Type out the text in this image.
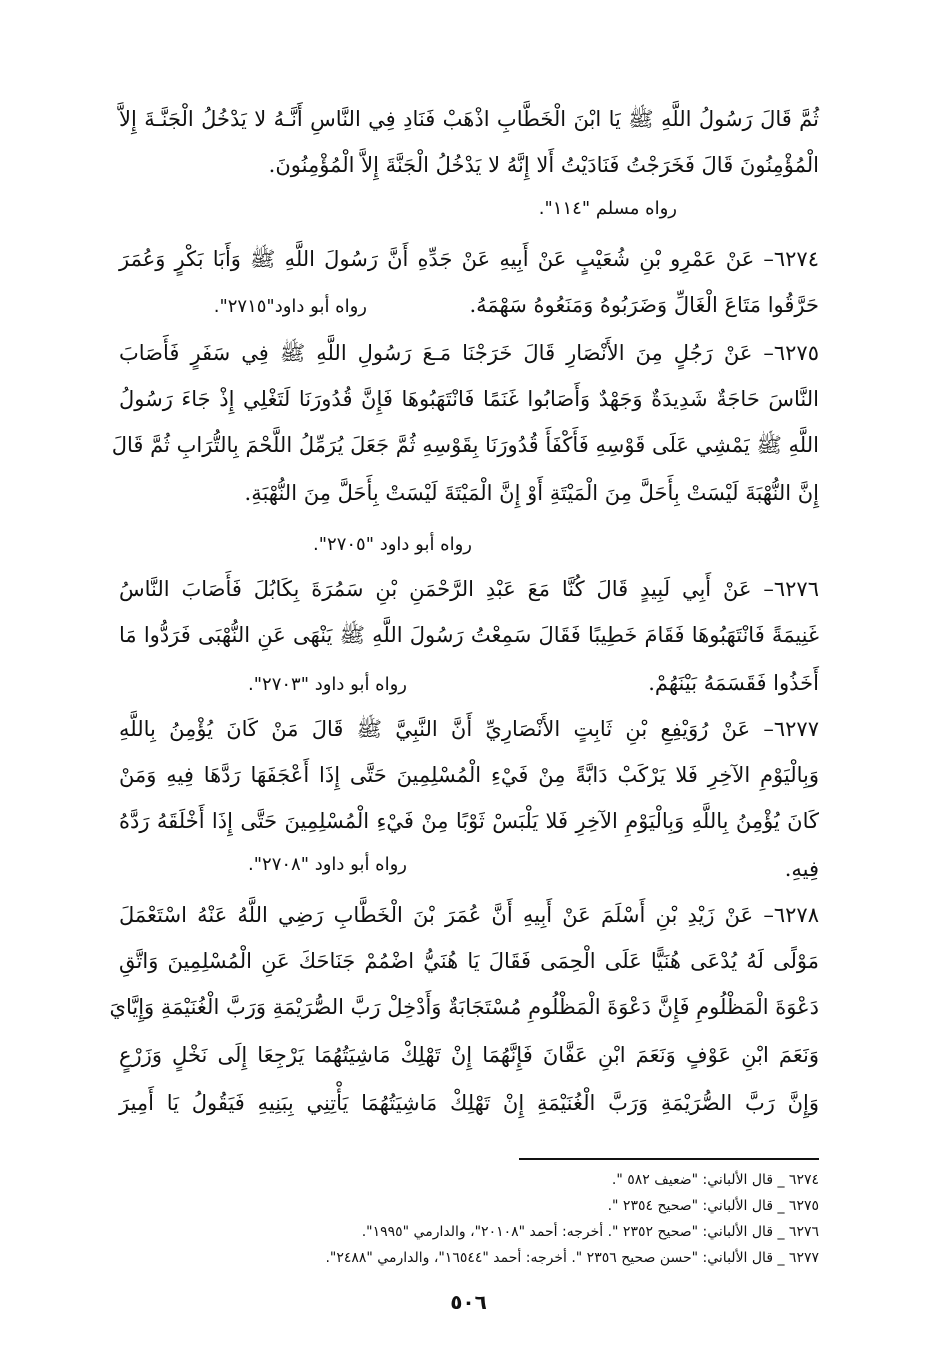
ثُمَّ قَالَ رَسُولُ اللَّهِ ﷺ يَا ابْنَ الْخَطَّابِ اذْهَبْ فَنَادِ فِي النَّاسِ أَنَّـهُ لا يَدْخُلُ الْجَنَّـةَ إِلاَّ
الْمُؤْمِنُونَ قَالَ فَخَرَجْتُ فَنَادَيْتُ أَلا إِنَّهُ لا يَدْخُلُ الْجَنَّةَ إِلاَّ الْمُؤْمِنُونَ.
رواه مسلم "١١٤".
٦٢٧٤– عَنْ عَمْرِو بْنِ شُعَيْبٍ عَنْ أَبِيهِ عَنْ جَدِّهِ أَنَّ رَسُولَ اللَّهِ ﷺ وَأَبَا بَكْرٍ وَعُمَرَ
حَرَّقُوا مَتَاعَ الْغَالِّ وَضَرَبُوهُ وَمَنَعُوهُ سَهْمَهُ.
رواه أبو داود"٢٧١٥".
٦٢٧٥– عَنْ رَجُلٍ مِنَ الأَنْصَارِ قَالَ خَرَجْنَا مَـعَ رَسُولِ اللَّهِ ﷺ فِي سَفَرٍ فَأَصَابَ
النَّاسَ حَاجَةٌ شَدِيدَةٌ وَجَهْدٌ وَأَصَابُوا غَنَمًا فَانْتَهَبُوهَا فَإِنَّ قُدُورَنَا لَتَغْلِي إِذْ جَاءَ رَسُولُ
اللَّهِ ﷺ يَمْشِي عَلَى قَوْسِهِ فَأَكْفَأَ قُدُورَنَا بِقَوْسِهِ ثُمَّ جَعَلَ يُرَمِّلُ اللَّحْمَ بِالتُّرَابِ ثُمَّ قَالَ
إِنَّ النُّهْبَةَ لَيْسَتْ بِأَحَلَّ مِنَ الْمَيْتَةِ أَوْ إِنَّ الْمَيْتَةَ لَيْسَتْ بِأَحَلَّ مِنَ النُّهْبَةِ.
رواه أبو داود "٢٧٠٥".
٦٢٧٦– عَنْ أَبِي لَبِيدٍ قَالَ كُنَّا مَعَ عَبْدِ الرَّحْمَنِ بْنِ سَمُرَةَ بِكَابُلَ فَأَصَابَ النَّاسُ
غَنِيمَةً فَانْتَهَبُوهَا فَقَامَ خَطِيبًا فَقَالَ سَمِعْتُ رَسُولَ اللَّهِ ﷺ يَنْهَى عَنِ النُّهْبَى فَرَدُّوا مَا
أَخَذُوا فَقَسَمَهُ بَيْنَهُمْ.
رواه أبو داود "٢٧٠٣".
٦٢٧٧– عَنْ رُوَيْفِعِ بْنِ ثَابِتٍ الأَنْصَارِيِّ أَنَّ النَّبِيَّ ﷺ قَالَ مَنْ كَانَ يُؤْمِنُ بِاللَّهِ
وَبِالْيَوْمِ الآخِرِ فَلا يَرْكَبْ دَابَّةً مِنْ فَيْءِ الْمُسْلِمِينَ حَتَّى إِذَا أَعْجَفَهَا رَدَّهَا فِيهِ وَمَنْ
كَانَ يُؤْمِنُ بِاللَّهِ وَبِالْيَوْمِ الآخِرِ فَلا يَلْبَسْ ثَوْبًا مِنْ فَيْءِ الْمُسْلِمِينَ حَتَّى إِذَا أَخْلَقَهُ رَدَّهُ
فِيهِ.
رواه أبو داود "٢٧٠٨".
٦٢٧٨– عَنْ زَيْدِ بْنِ أَسْلَمَ عَنْ أَبِيهِ أَنَّ عُمَرَ بْنَ الْخَطَّابِ رَضِي اللَّهُ عَنْهُ اسْتَعْمَلَ
مَوْلًى لَهُ يُدْعَى هُنَيًّا عَلَى الْحِمَى فَقَالَ يَا هُنَيُّ اضْمُمْ جَنَاحَكَ عَنِ الْمُسْلِمِينَ وَاتَّقِ
دَعْوَةَ الْمَظْلُومِ فَإِنَّ دَعْوَةَ الْمَظْلُومِ مُسْتَجَابَةٌ وَأَدْخِلْ رَبَّ الصُّرَيْمَةِ وَرَبَّ الْغُنَيْمَةِ وَإِيَّايَ
وَنَعَمَ ابْنِ عَوْفٍ وَنَعَمَ ابْنِ عَفَّانَ فَإِنَّهُمَا إِنْ تَهْلِكْ مَاشِيَتُهُمَا يَرْجِعَا إِلَى نَخْلٍ وَزَرْعٍ
وَإِنَّ رَبَّ الصُّرَيْمَةِ وَرَبَّ الْغُنَيْمَةِ إِنْ تَهْلِكْ مَاشِيَتُهُمَا يَأْتِنِي بِبَنِيهِ فَيَقُولُ يَا أَمِيرَ
٦٢٧٤ _ قال الألباني: "ضعيف ٥٨٢ ".
٦٢٧٥ _ قال الألباني: "صحيح ٢٣٥٤ ".
٦٢٧٦ _ قال الألباني: "صحيح ٢٣٥٢ ". أخرجه: أحمد "٢٠١٠٨"، والدارمي "١٩٩٥".
٦٢٧٧ _ قال الألباني: "حسن صحيح ٢٣٥٦ ". أخرجه: أحمد "١٦٥٤٤"، والدارمي "٢٤٨٨".
٥٠٦
